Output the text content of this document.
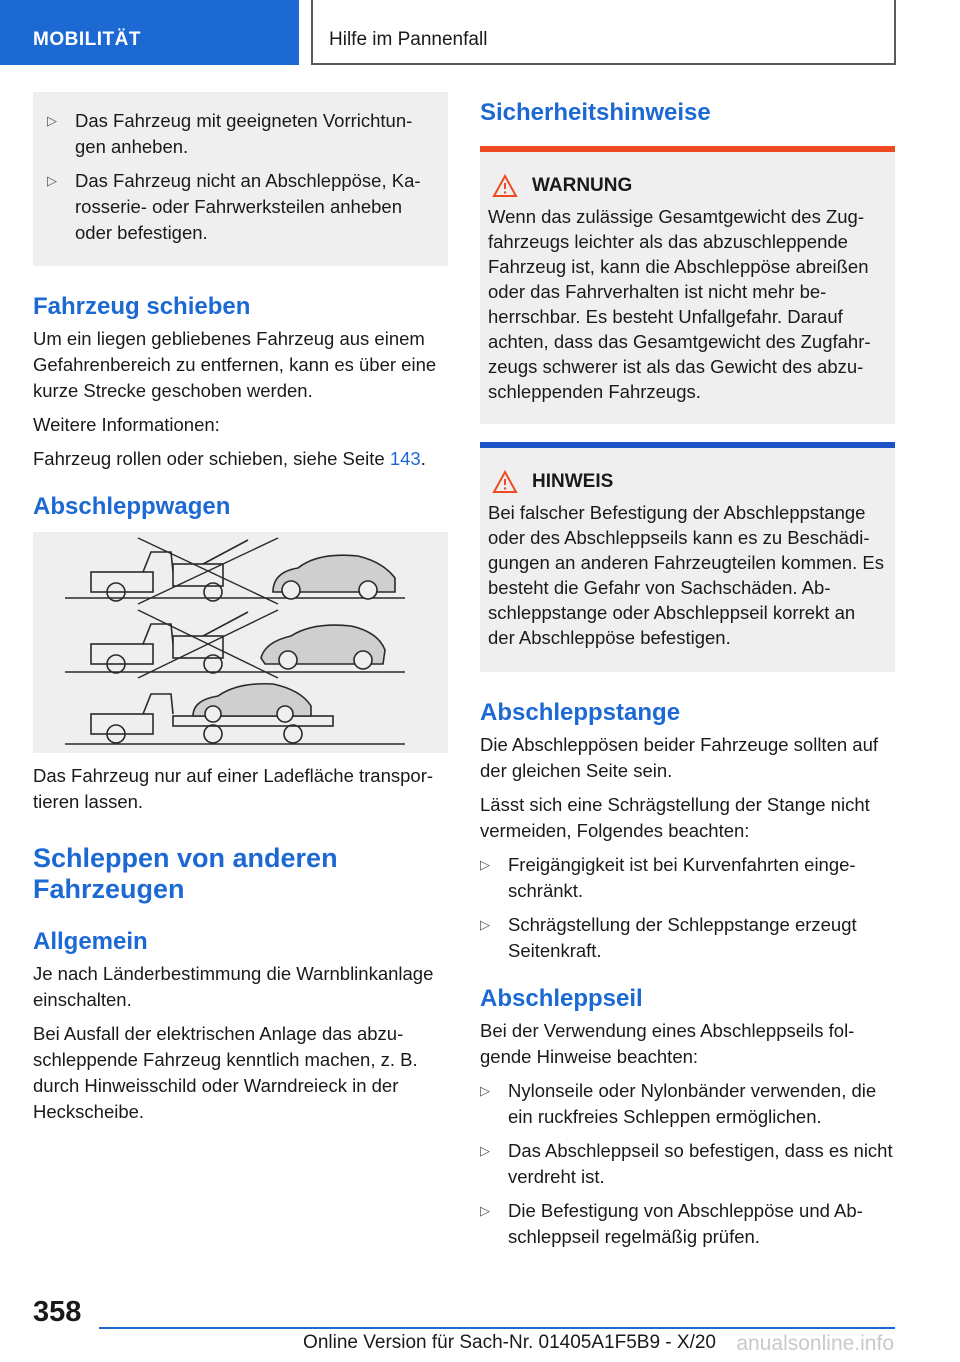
MOBILITÄT	Hilfe im Pannenfall
▷ Das Fahrzeug mit geeigneten Vorrichtun-gen anheben.
▷ Das Fahrzeug nicht an Abschleppöse, Ka-rosserie- oder Fahrwerksteilen anheben oder befestigen.
Fahrzeug schieben

Um ein liegen gebliebenes Fahrzeug aus einem Gefahrenbereich zu entfernen, kann es über eine kurze Strecke geschoben werden.

Weitere Informationen:

Fahrzeug rollen oder schieben, siehe Seite 143.

Abschleppwagen

Das Fahrzeug nur auf einer Ladefläche transpor-tieren lassen.

Schleppen von anderen Fahrzeugen
Allgemein

Je nach Länderbestimmung die Warnblinkanlage einschalten.

Bei Ausfall der elektrischen Anlage das abzu-schleppende Fahrzeug kenntlich machen, z. B. durch Hinweisschild oder Warndreieck in der Heckscheibe.

Sicherheitshinweise
WARNUNG

Wenn das zulässige Gesamtgewicht des Zug-fahrzeugs leichter als das abzuschleppende Fahrzeug ist, kann die Abschleppöse abreißen oder das Fahrverhalten ist nicht mehr be-herrschbar. Es besteht Unfallgefahr. Darauf achten, dass das Gesamtgewicht des Zugfahr-zeugs schwerer ist als das Gewicht des abzu-schleppenden Fahrzeugs.

HINWEIS

Bei falscher Befestigung der Abschleppstange oder des Abschleppseils kann es zu Beschädi-gungen an anderen Fahrzeugteilen kommen. Es besteht die Gefahr von Sachschäden. Ab-schleppstange oder Abschleppseil korrekt an der Abschleppöse befestigen.

Abschleppstange

Die Abschleppösen beider Fahrzeuge sollten auf der gleichen Seite sein.

Lässt sich eine Schrägstellung der Stange nicht vermeiden, Folgendes beachten:

▷ Freigängigkeit ist bei Kurvenfahrten einge-schränkt.
▷ Schrägstellung der Schleppstange erzeugt Seitenkraft.
Abschleppseil

Bei der Verwendung eines Abschleppseils fol-gende Hinweise beachten:

▷ Nylonseile oder Nylonbänder verwenden, die ein ruckfreies Schleppen ermöglichen.
▷ Das Abschleppseil so befestigen, dass es nicht verdreht ist.
▷ Die Befestigung von Abschleppöse und Ab-schleppseil regelmäßig prüfen.
358
Online Version für Sach-Nr. 01405A1F5B9 - X/20 anualsonline.info
